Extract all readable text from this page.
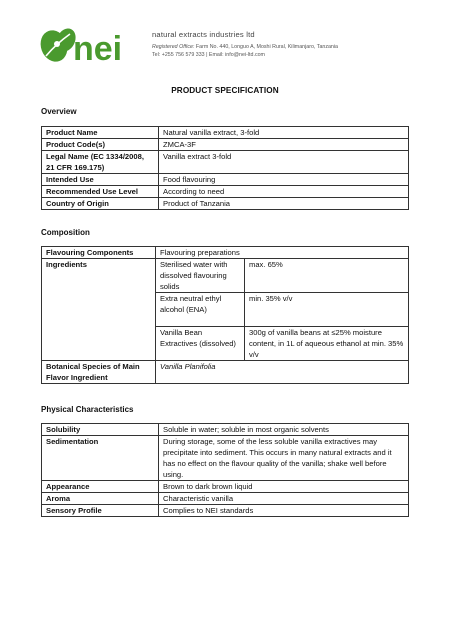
nei	natural extracts industries ltd
Registered Office: Farm No. 440, Longuo A, Moshi Rural, Kilimanjaro, Tanzania
Tel: +255 756 579 333 | Email: info@nei-ltd.com
PRODUCT SPECIFICATION
Overview
Product Name	Natural vanilla extract, 3-fold
Product Code(s)	ZMCA-3F
Legal Name (EC 1334/2008, 21 CFR 169.175)	Vanilla extract 3-fold
Intended Use	Food flavouring
Recommended Use Level	According to need
Country of Origin	Product of Tanzania
Composition
Flavouring Components	Flavouring preparations	
Ingredients	Sterilised water with dissolved flavouring solids	max. 65%
	Extra neutral ethyl alcohol (ENA)	min. 35% v/v
	Vanilla Bean Extractives (dissolved)	300g of vanilla beans at ≤25% moisture content, in 1L of aqueous ethanol at min. 35% v/v
Botanical Species of Main Flavor Ingredient	Vanilla Planifolia	
Physical Characteristics
Solubility	Soluble in water; soluble in most organic solvents
Sedimentation	During storage, some of the less soluble vanilla extractives may precipitate into sediment. This occurs in many natural extracts and it has no effect on the flavour quality of the vanilla; shake well before using.
Appearance	Brown to dark brown liquid
Aroma	Characteristic vanilla
Sensory Profile	Complies to NEI standards
